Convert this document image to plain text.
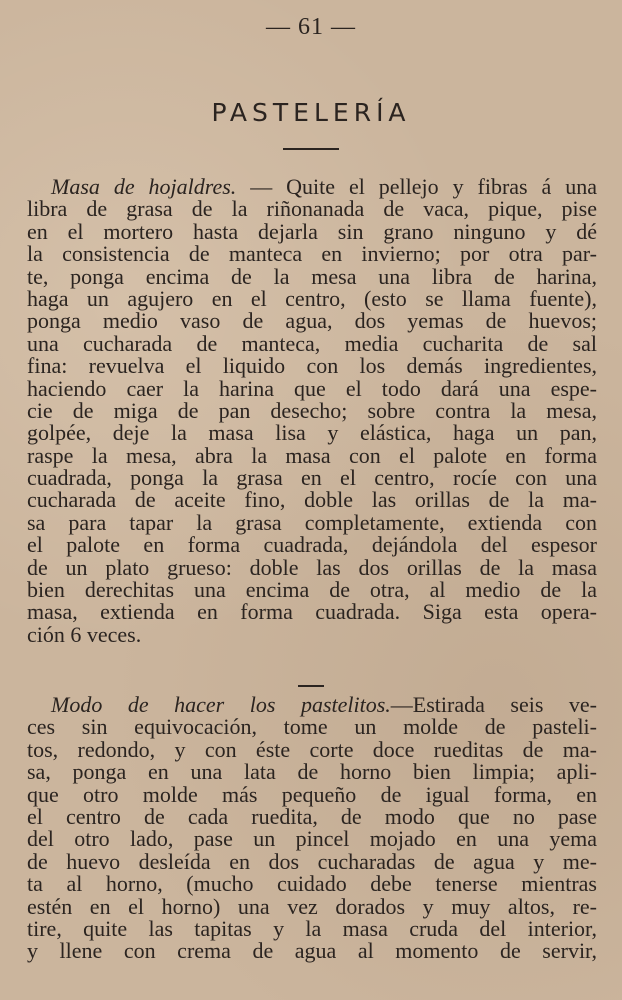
— 61 —
PASTELERÍA
Masa de hojaldres. — Quite el pellejo y fibras á una
libra de grasa de la riñonanada de vaca, pique, pise
en el mortero hasta dejarla sin grano ninguno y dé
la consistencia de manteca en invierno; por otra par-
te, ponga encima de la mesa una libra de harina,
haga un agujero en el centro, (esto se llama fuente),
ponga medio vaso de agua, dos yemas de huevos;
una cucharada de manteca, media cucharita de sal
fina: revuelva el liquido con los demás ingredientes,
haciendo caer la harina que el todo dará una espe-
cie de miga de pan desecho; sobre contra la mesa,
golpée, deje la masa lisa y elástica, haga un pan,
raspe la mesa, abra la masa con el palote en forma
cuadrada, ponga la grasa en el centro, rocíe con una
cucharada de aceite fino, doble las orillas de la ma-
sa para tapar la grasa completamente, extienda con
el palote en forma cuadrada, dejándola del espesor
de un plato grueso: doble las dos orillas de la masa
bien derechitas una encima de otra, al medio de la
masa, extienda en forma cuadrada. Siga esta opera-
ción 6 veces.
Modo de hacer los pastelitos.—Estirada seis ve-
ces sin equivocación, tome un molde de pasteli-
tos, redondo, y con éste corte doce rueditas de ma-
sa, ponga en una lata de horno bien limpia; apli-
que otro molde más pequeño de igual forma, en
el centro de cada ruedita, de modo que no pase
del otro lado, pase un pincel mojado en una yema
de huevo desleída en dos cucharadas de agua y me-
ta al horno, (mucho cuidado debe tenerse mientras
estén en el horno) una vez dorados y muy altos, re-
tire, quite las tapitas y la masa cruda del interior,
y llene con crema de agua al momento de servir,
